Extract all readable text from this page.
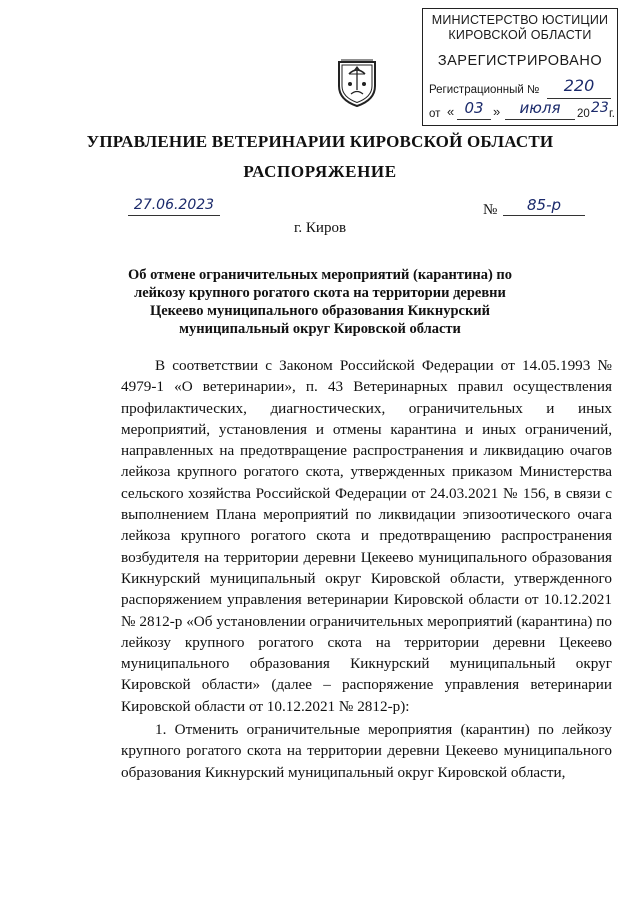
МИНИСТЕРСТВО ЮСТИЦИИ
КИРОВСКОЙ ОБЛАСТИ
ЗАРЕГИСТРИРОВАНО
Регистрационный №	220
от « 03 »	июля	20 23 г.
УПРАВЛЕНИЕ ВЕТЕРИНАРИИ КИРОВСКОЙ ОБЛАСТИ
РАСПОРЯЖЕНИЕ
27.06.2023	№	85-р
г. Киров
Об отмене ограничительных мероприятий (карантина) по лейкозу крупного рогатого скота на территории деревни Цекеево муниципального образования Кикнурский муниципальный округ Кировской области

В соответствии с Законом Российской Федерации от 14.05.1993 № 4979-1 «О ветеринарии», п. 43 Ветеринарных правил осуществления профилактических, диагностических, ограничительных и иных мероприятий, установления и отмены карантина и иных ограничений, направленных на предотвращение распространения и ликвидацию очагов лейкоза крупного рогатого скота, утвержденных приказом Министерства сельского хозяйства Российской Федерации от 24.03.2021 № 156, в связи с выполнением Плана мероприятий по ликвидации эпизоотического очага лейкоза крупного рогатого скота и предотвращению распространения возбудителя на территории деревни Цекеево муниципального образования Кикнурский муниципальный округ Кировской области, утвержденного распоряжением управления ветеринарии Кировской области от 10.12.2021 № 2812-р «Об установлении ограничительных мероприятий (карантина) по лейкозу крупного рогатого скота на территории деревни Цекеево муниципального образования Кикнурский муниципальный округ Кировской области» (далее – распоряжение управления ветеринарии Кировской области от 10.12.2021 № 2812-р):

1. Отменить ограничительные мероприятия (карантин) по лейкозу крупного рогатого скота на территории деревни Цекеево муниципального образования Кикнурский муниципальный округ Кировской области,
